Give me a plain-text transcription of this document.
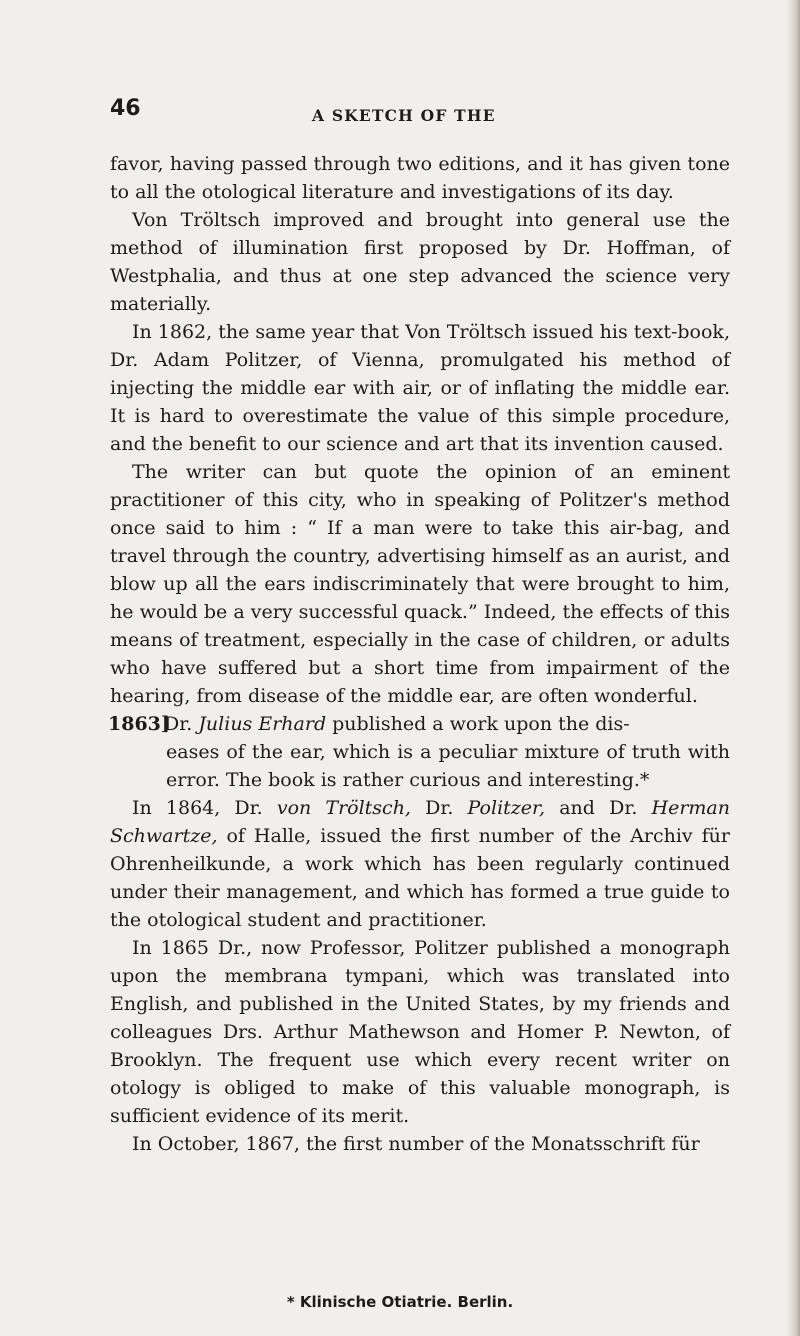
46	A SKETCH OF THE

favor, having passed through two editions, and it has given tone to all the otological literature and investigations of its day.

Von Tröltsch improved and brought into general use the method of illumination first proposed by Dr. Hoffman, of Westphalia, and thus at one step advanced the science very materially.

In 1862, the same year that Von Tröltsch issued his text-book, Dr. Adam Politzer, of Vienna, promulgated his method of injecting the middle ear with air, or of inflating the middle ear. It is hard to overestimate the value of this simple procedure, and the benefit to our science and art that its invention caused.

The writer can but quote the opinion of an eminent practitioner of this city, who in speaking of Politzer's method once said to him : “ If a man were to take this air-bag, and travel through the country, advertising himself as an aurist, and blow up all the ears indiscriminately that were brought to him, he would be a very successful quack.” Indeed, the effects of this means of treatment, especially in the case of children, or adults who have suffered but a short time from impairment of the hearing, from disease of the middle ear, are often wonderful.

1863]Dr. Julius Erhard published a work upon the dis-

eases of the ear, which is a peculiar mixture of truth with error. The book is rather curious and interesting.*

In 1864, Dr. von Tröltsch, Dr. Politzer, and Dr. Herman Schwartze, of Halle, issued the first number of the Archiv für Ohrenheilkunde, a work which has been regularly continued under their management, and which has formed a true guide to the otological student and practitioner.

In 1865 Dr., now Professor, Politzer published a monograph upon the membrana tympani, which was translated into English, and published in the United States, by my friends and colleagues Drs. Arthur Mathewson and Homer P. Newton, of Brooklyn. The frequent use which every recent writer on otology is obliged to make of this valuable monograph, is sufficient evidence of its merit.

In October, 1867, the first number of the Monatsschrift für

* Klinische Otiatrie. Berlin.
